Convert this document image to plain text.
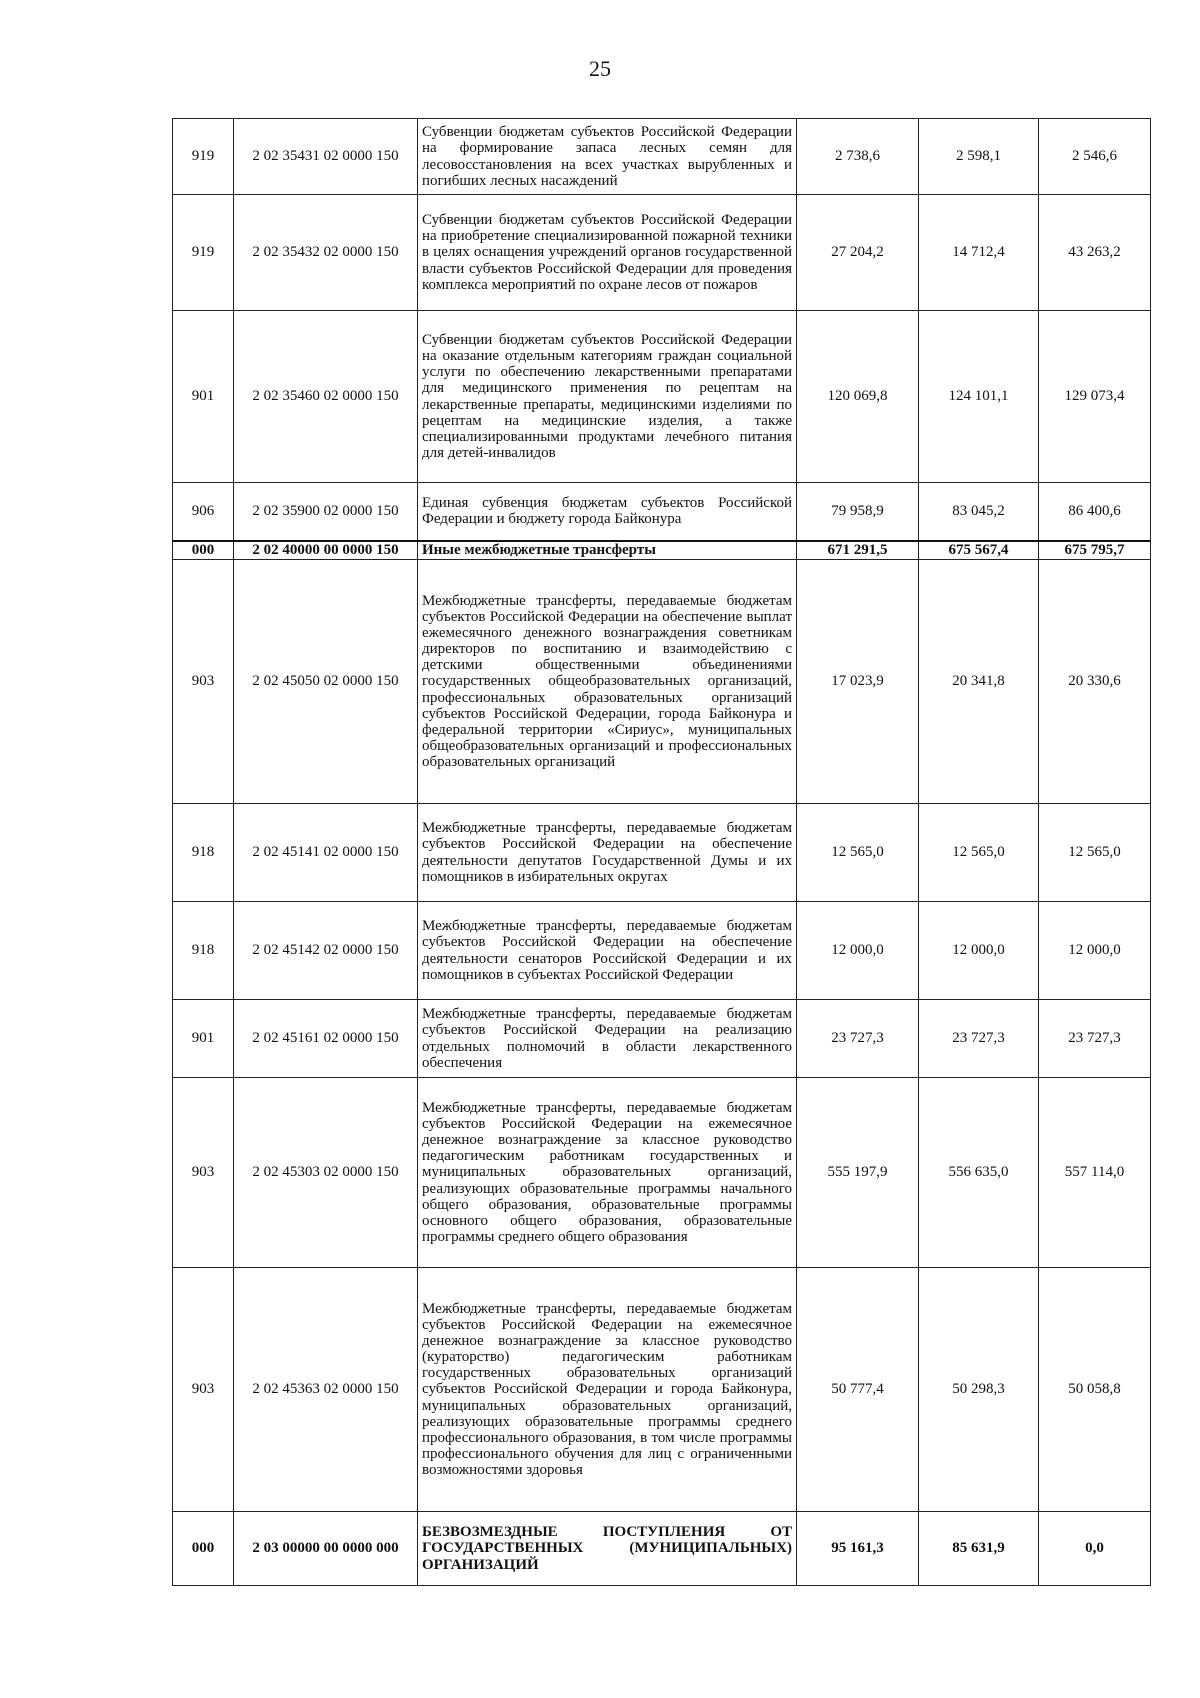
25
919	2 02 35431 02 0000 150	Субвенции бюджетам субъектов Российской Федерации на формирование запаса лесных семян для лесовосстановления на всех участках вырубленных и погибших лесных насаждений	2 738,6	2 598,1	2 546,6
919	2 02 35432 02 0000 150	Субвенции бюджетам субъектов Российской Федерации на приобретение специализированной пожарной техники в целях оснащения учреждений органов государственной власти субъектов Российской Федерации для проведения комплекса мероприятий по охране лесов от пожаров	27 204,2	14 712,4	43 263,2
901	2 02 35460 02 0000 150	Субвенции бюджетам субъектов Российской Федерации на оказание отдельным категориям граждан социальной услуги по обеспечению лекарственными препаратами для медицинского применения по рецептам на лекарственные препараты, медицинскими изделиями по рецептам на медицинские изделия, а также специализированными продуктами лечебного питания для детей-инвалидов	120 069,8	124 101,1	129 073,4
906	2 02 35900 02 0000 150	Единая субвенция бюджетам субъектов Российской Федерации и бюджету города Байконура	79 958,9	83 045,2	86 400,6
000	2 02 40000 00 0000 150	Иные межбюджетные трансферты	671 291,5	675 567,4	675 795,7
903	2 02 45050 02 0000 150	Межбюджетные трансферты, передаваемые бюджетам субъектов Российской Федерации на обеспечение выплат ежемесячного денежного вознаграждения советникам директоров по воспитанию и взаимодействию с детскими общественными объединениями государственных общеобразовательных организаций, профессиональных образовательных организаций субъектов Российской Федерации, города Байконура и федеральной территории «Сириус», муниципальных общеобразовательных организаций и профессиональных образовательных организаций	17 023,9	20 341,8	20 330,6
918	2 02 45141 02 0000 150	Межбюджетные трансферты, передаваемые бюджетам субъектов Российской Федерации на обеспечение деятельности депутатов Государственной Думы и их помощников в избирательных округах	12 565,0	12 565,0	12 565,0
918	2 02 45142 02 0000 150	Межбюджетные трансферты, передаваемые бюджетам субъектов Российской Федерации на обеспечение деятельности сенаторов Российской Федерации и их помощников в субъектах Российской Федерации	12 000,0	12 000,0	12 000,0
901	2 02 45161 02 0000 150	Межбюджетные трансферты, передаваемые бюджетам субъектов Российской Федерации на реализацию отдельных полномочий в области лекарственного обеспечения	23 727,3	23 727,3	23 727,3
903	2 02 45303 02 0000 150	Межбюджетные трансферты, передаваемые бюджетам субъектов Российской Федерации на ежемесячное денежное вознаграждение за классное руководство педагогическим работникам государственных и муниципальных образовательных организаций, реализующих образовательные программы начального общего образования, образовательные программы основного общего образования, образовательные программы среднего общего образования	555 197,9	556 635,0	557 114,0
903	2 02 45363 02 0000 150	Межбюджетные трансферты, передаваемые бюджетам субъектов Российской Федерации на ежемесячное денежное вознаграждение за классное руководство (кураторство) педагогическим работникам государственных образовательных организаций субъектов Российской Федерации и города Байконура, муниципальных образовательных организаций, реализующих образовательные программы среднего профессионального образования, в том числе программы профессионального обучения для лиц с ограниченными возможностями здоровья	50 777,4	50 298,3	50 058,8
000	2 03 00000 00 0000 000	БЕЗВОЗМЕЗДНЫЕ ПОСТУПЛЕНИЯ ОТ ГОСУДАРСТВЕННЫХ (МУНИЦИПАЛЬНЫХ) ОРГАНИЗАЦИЙ	95 161,3	85 631,9	0,0
